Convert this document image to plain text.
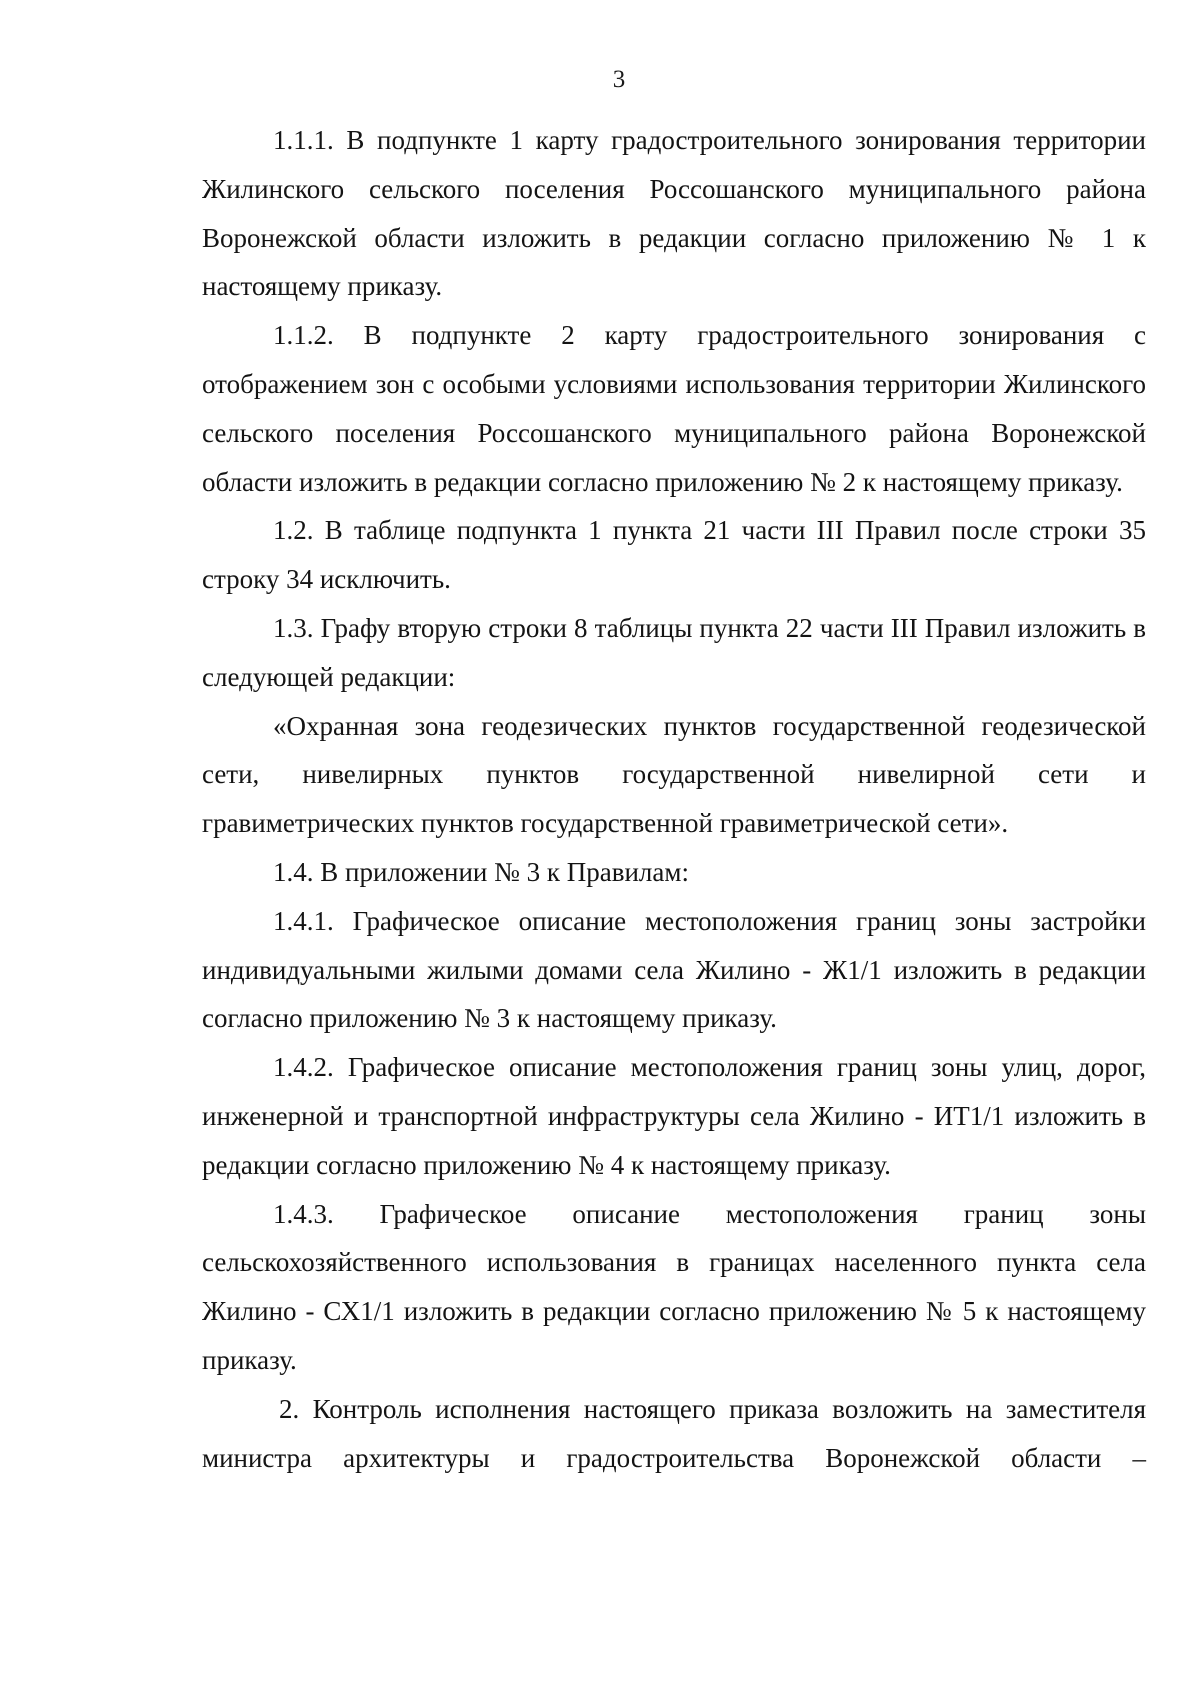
3

1.1.1. В подпункте 1 карту градостроительного зонирования территории Жилинского сельского поселения Россошанского муниципального района Воронежской области изложить в редакции согласно приложению № 1 к настоящему приказу.

1.1.2. В подпункте 2 карту градостроительного зонирования с отображением зон с особыми условиями использования территории Жилинского сельского поселения Россошанского муниципального района Воронежской области изложить в редакции согласно приложению № 2 к настоящему приказу.

1.2. В таблице подпункта 1 пункта 21 части III Правил после строки 35 строку 34 исключить.

1.3. Графу вторую строки 8 таблицы пункта 22 части III Правил изложить в следующей редакции:

«Охранная зона геодезических пунктов государственной геодезической сети, нивелирных пунктов государственной нивелирной сети и гравиметрических пунктов государственной гравиметрической сети».

1.4. В приложении № 3 к Правилам:

1.4.1. Графическое описание местоположения границ зоны застройки индивидуальными жилыми домами села Жилино - Ж1/1 изложить в редакции согласно приложению № 3 к настоящему приказу.

1.4.2. Графическое описание местоположения границ зоны улиц, дорог, инженерной и транспортной инфраструктуры села Жилино - ИТ1/1 изложить в редакции согласно приложению № 4 к настоящему приказу.

1.4.3. Графическое описание местоположения границ зоны сельскохозяйственного использования в границах населенного пункта села Жилино - СХ1/1 изложить в редакции согласно приложению № 5 к настоящему приказу.

2. Контроль исполнения настоящего приказа возложить на заместителя министра архитектуры и градостроительства Воронежской области –
